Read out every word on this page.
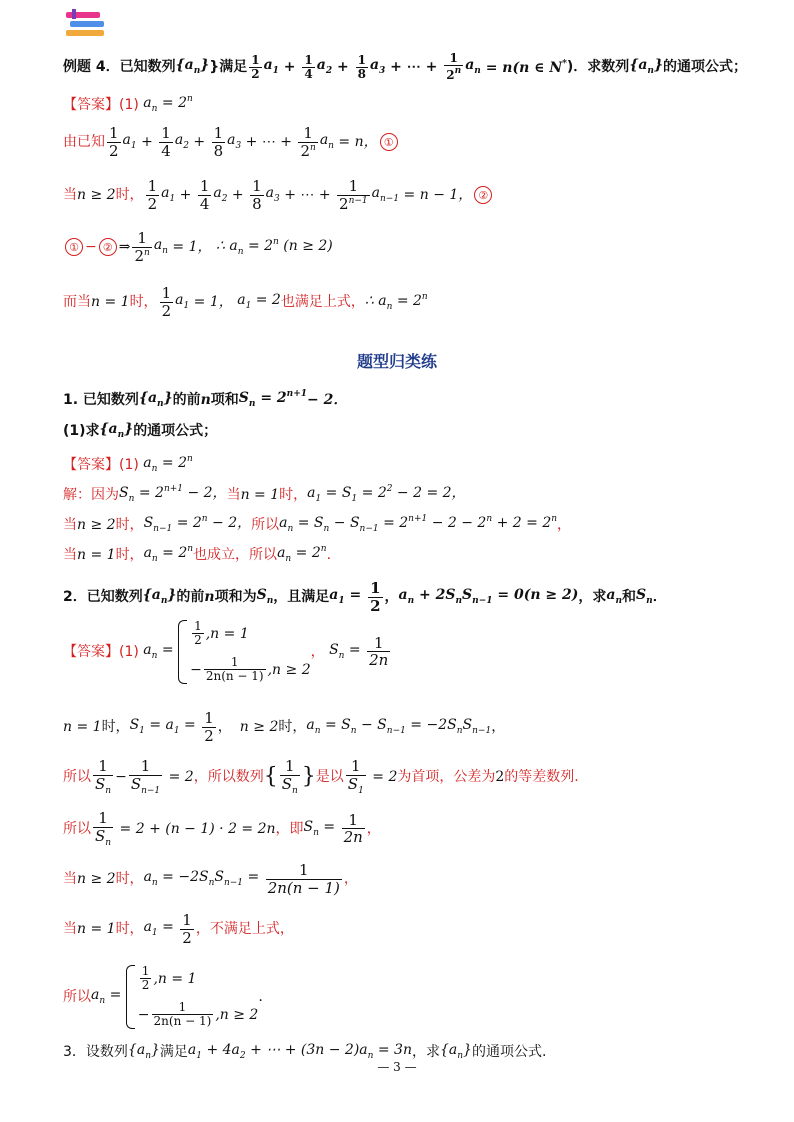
例题 4．已知数列 $\{a_n\}$ }满足 $\frac{1}{2} a_1 + \frac{1}{4} a_2 + \frac{1}{8} a_3$ + ⋯ + $\frac{1}{2^n} a_n = n(n$ ∈ N* )．求数列 $\{a_n\}$ 的通项公式；
【答案】(1)
$a_n = 2^n$
由已知 $\frac{1}{2} a_1 + \frac{1}{4} a_2 + \frac{1}{8} a_3$ + ⋯ + $\frac{1}{2^n} a_n = n$， ①
当 n ≥ 2 时， $\frac{1}{2} a_1 + \frac{1}{4} a_2 + \frac{1}{8} a_3$ + ⋯ + $\frac{1}{2^{n-1}} a_{n-1} = n - 1$， ②
① − ② ⇒ $\frac{1}{2^n} a_n = 1$， ∴ $a_n = 2^n$ (n ≥ 2)
而当 n = 1 时， $\frac{1}{2} a_1 = 1$， $a_1 = 2$ 也满足上式， ∴ $a_n = 2^n$
题型归类练
1. 已知数列 $\{a_n\}$ 的前 n 项和 $S_n = 2^{n+1} - 2$．
(1)求 $\{a_n\}$ 的通项公式；
【答案】(1)
$a_n = 2^n$
解：因为 $S_n = 2^{n+1} - 2$， 当 n = 1 时， $a_1 = S_1 = 2^2 - 2 = 2$，
当 n ≥ 2 时， $S_{n-1} = 2^n - 2$， 所以 $a_n = S_n - S_{n-1} = 2^{n+1} - 2 - 2^n + 2 = 2^n$ ，
当 n = 1 时， $a_n = 2^n$ 也成立，所以 $a_n = 2^n$ .
2．已知数列 $\{a_n\}$ 的前 n 项和为 $S_n$ ，且满足 $a_1 = \frac{1}{2}$ ， $a_n + 2S_nS_{n-1} = 0(n \ge 2)$ ，求 $a_n$ 和 $S_n$ ．
【答案】(1)
$a_n$ =
$\frac{1}{2} ,n = 1$
− $\frac{1}{2n(n - 1)} ,n \ge 2$
，
$S_n = \frac{1}{2n}$
n = 1 时， $S_1 = a_1 = \frac{1}{2}$ ， n ≥ 2 时， $a_n = S_n - S_{n-1} = -2S_nS_{n-1}$ ，
所以 $\frac{1}{S_n} - \frac{1}{S_{n-1}} = 2$ ，所以数列 { $\frac{1}{S_n}$ } 是以 $\frac{1}{S_1} = 2$ 为首项，公差为 2 的等差数列.
所以 $\frac{1}{S_n} = 2 + (n - 1) \cdot 2 = 2n$ ，即 $S_n = \frac{1}{2n}$ ，
当 n ≥ 2 时， $a_n = -2S_nS_{n-1} = \frac{1}{2n(n - 1)}$ ，
当 n = 1 时， $a_1 = \frac{1}{2}$ ，不满足上式，
所以 $a_n$ =
$\frac{1}{2} ,n = 1$
− $\frac{1}{2n(n - 1)} ,n \ge 2$
.
3．设数列 $\{a_n\}$ 满足 $a_1 + 4a_2$ + ⋯ + $(3n - 2)a_n = 3n$ ，求 $\{a_n\}$ 的通项公式.
— 3 —
